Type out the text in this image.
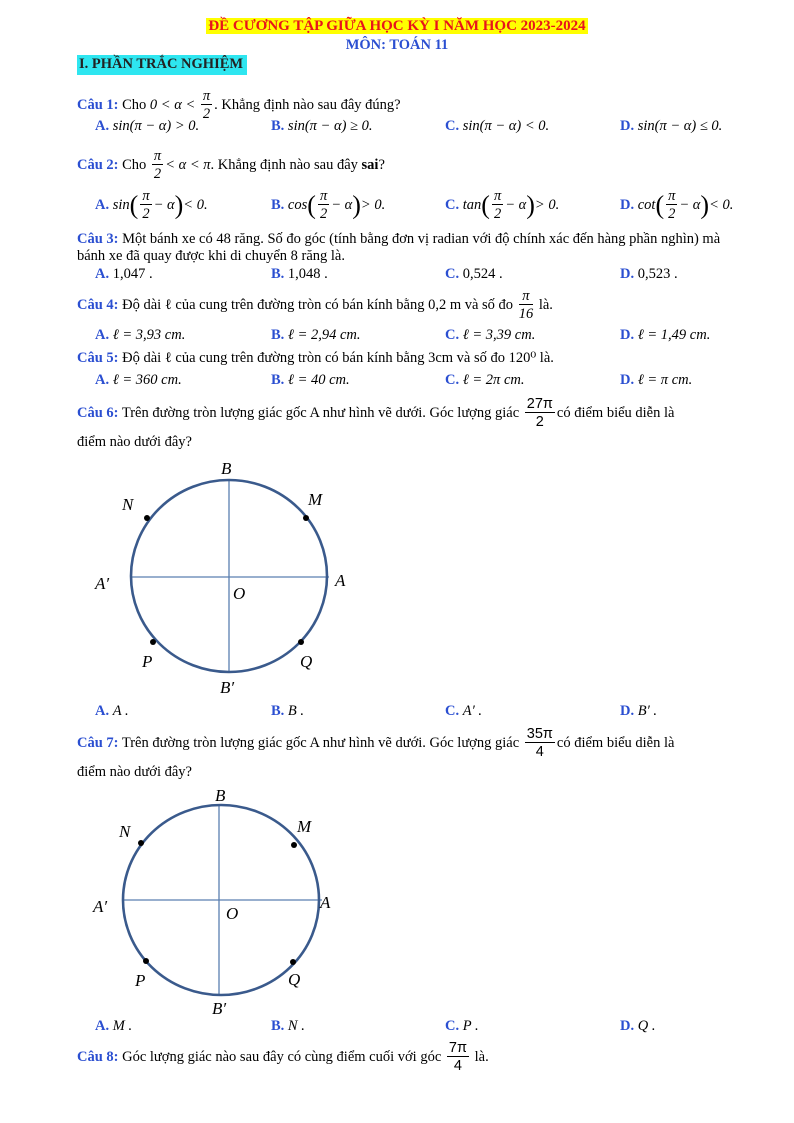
ĐỀ CƯƠNG TẬP GIỮA HỌC KỲ I NĂM HỌC 2023-2024
MÔN: TOÁN 11
I. PHẦN TRẮC NGHIỆM
Câu 1: Cho $0 < \alpha < \frac{\pi}{2}$ . Khẳng định nào sau đây đúng?
A. sin(π − α) > 0.	B. sin(π − α) ≥ 0.	C. sin(π − α) < 0.	D. sin(π − α) ≤ 0.
Câu 2: Cho $\frac{\pi}{2} < \alpha < \pi$. Khẳng định nào sau đây sai?
A. $\sin( \frac{\pi}{2} - \alpha)< 0$.	B. $\cos( \frac{\pi}{2} - \alpha)> 0$.	C. $\tan( \frac{\pi}{2} - \alpha)> 0$.	D. $\cot( \frac{\pi}{2} - \alpha)< 0$.
Câu 3: Một bánh xe có 48 răng. Số đo góc (tính bằng đơn vị radian với độ chính xác đến hàng phần nghìn) mà bánh xe đã quay được khi di chuyển 8 răng là.
A. 1,047 .	B. 1,048 .	C. 0,524 .	D. 0,523 .
Câu 4: Độ dài ℓ của cung trên đường tròn có bán kính bằng 0,2 m và số đo $\frac{\pi}{16}$ là.
A. ℓ = 3,93 cm.	B. ℓ = 2,94 cm.	C. ℓ = 3,39 cm.	D. ℓ = 1,49 cm.
Câu 5: Độ dài ℓ của cung trên đường tròn có bán kính bằng 3cm và số đo 120⁰ là.
A. ℓ = 360 cm.	B. ℓ = 40 cm.	C. ℓ = 2π cm.	D. ℓ = π cm.
Câu 6: Trên đường tròn lượng giác gốc A như hình vẽ dưới. Góc lượng giác $\frac{27\pi}{2}$ có điểm biểu diễn là
điểm nào dưới đây?
B
B′
A
A′
O
M
N
P	Q
A. A .	B. B .	C. A′ .	D. B′ .
Câu 7: Trên đường tròn lượng giác gốc A như hình vẽ dưới. Góc lượng giác $\frac{35\pi}{4}$ có điểm biểu diễn là
điểm nào dưới đây?
B
B′
A
A′	O
M
N
P	Q
A. M .	B. N .	C. P .	D. Q .
Câu 8: Góc lượng giác nào sau đây có cùng điểm cuối với góc $\frac{7\pi}{4}$ là.
